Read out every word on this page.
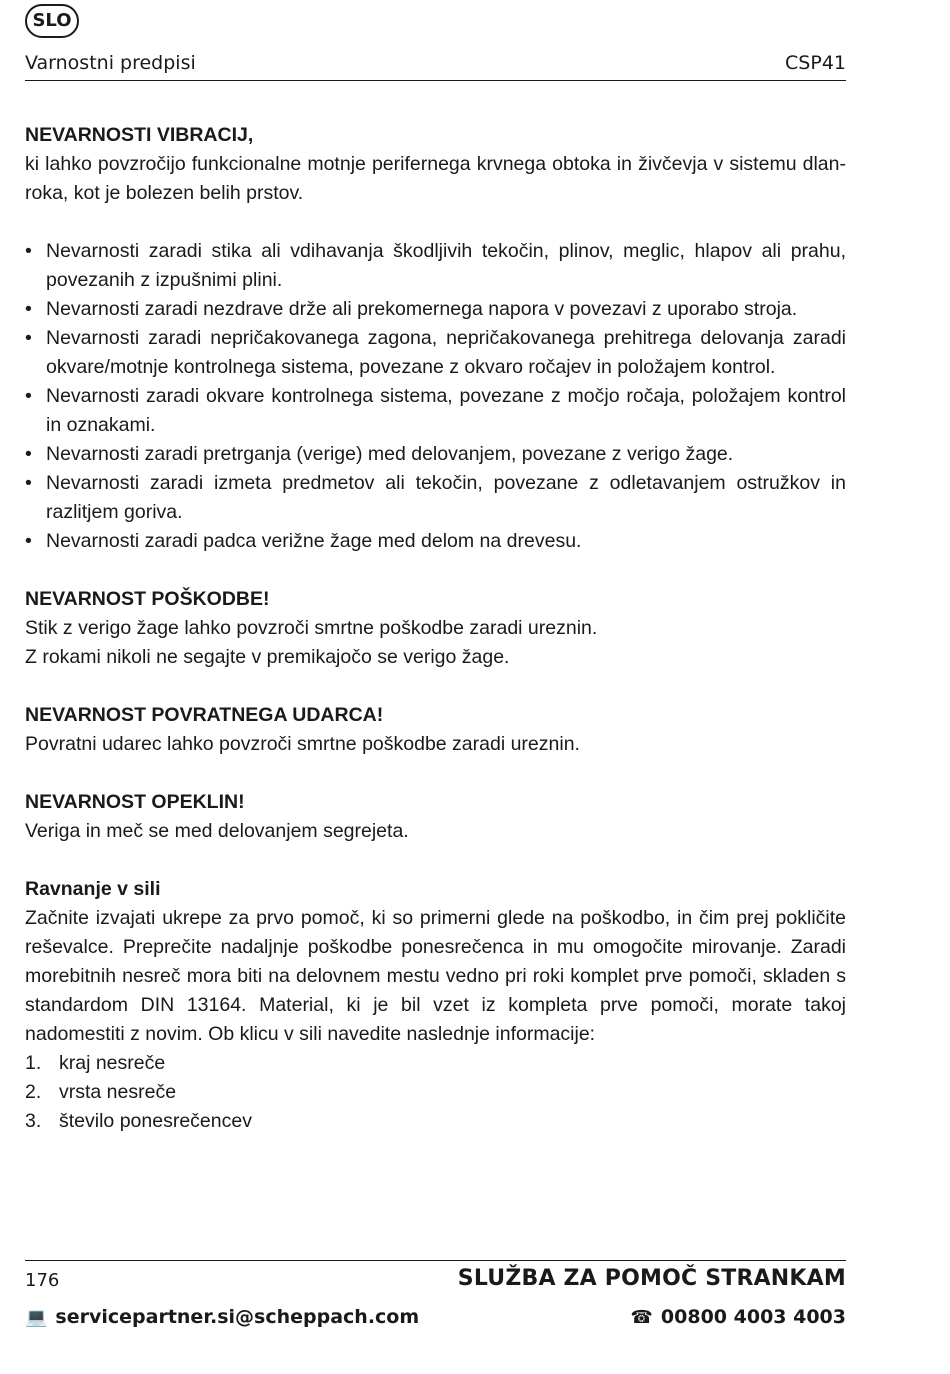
SLO
Varnostni predpisi	CSP41

NEVARNOSTI VIBRACIJ,

ki lahko povzročijo funkcionalne motnje perifernega krvnega obtoka in živčevja v sistemu dlan-roka, kot je bolezen belih prstov.

• Nevarnosti zaradi stika ali vdihavanja škodljivih tekočin, plinov, meglic, hlapov ali prahu, povezanih z izpušnimi plini.
• Nevarnosti zaradi nezdrave drže ali prekomernega napora v povezavi z uporabo stroja.
• Nevarnosti zaradi nepričakovanega zagona, nepričakovanega prehitrega delovanja zaradi okvare/motnje kontrolnega sistema, povezane z okvaro ročajev in položajem kontrol.
• Nevarnosti zaradi okvare kontrolnega sistema, povezane z močjo ročaja, položajem kontrol in oznakami.
• Nevarnosti zaradi pretrganja (verige) med delovanjem, povezane z verigo žage.
• Nevarnosti zaradi izmeta predmetov ali tekočin, povezane z odletavanjem ostružkov in razlitjem goriva.
• Nevarnosti zaradi padca verižne žage med delom na drevesu.

NEVARNOST POŠKODBE!

Stik z verigo žage lahko povzroči smrtne poškodbe zaradi ureznin.

Z rokami nikoli ne segajte v premikajočo se verigo žage.

NEVARNOST POVRATNEGA UDARCA!

Povratni udarec lahko povzroči smrtne poškodbe zaradi ureznin.

NEVARNOST OPEKLIN!

Veriga in meč se med delovanjem segrejeta.

Ravnanje v sili

Začnite izvajati ukrepe za prvo pomoč, ki so primerni glede na poškodbo, in čim prej pokličite reševalce. Preprečite nadaljnje poškodbe ponesrečenca in mu omogočite mirovanje. Zaradi morebitnih nesreč mora biti na delovnem mestu vedno pri roki komplet prve pomoči, skladen s standardom DIN 13164. Material, ki je bil vzet iz kompleta prve pomoči, morate takoj nadomestiti z novim. Ob klicu v sili navedite naslednje informacije:

1. kraj nesreče
2. vrsta nesreče
3. število ponesrečencev
176	SLUŽBA ZA POMOČ STRANKAM
💻 servicepartner.si@scheppach.com	☎ 00800 4003 4003
